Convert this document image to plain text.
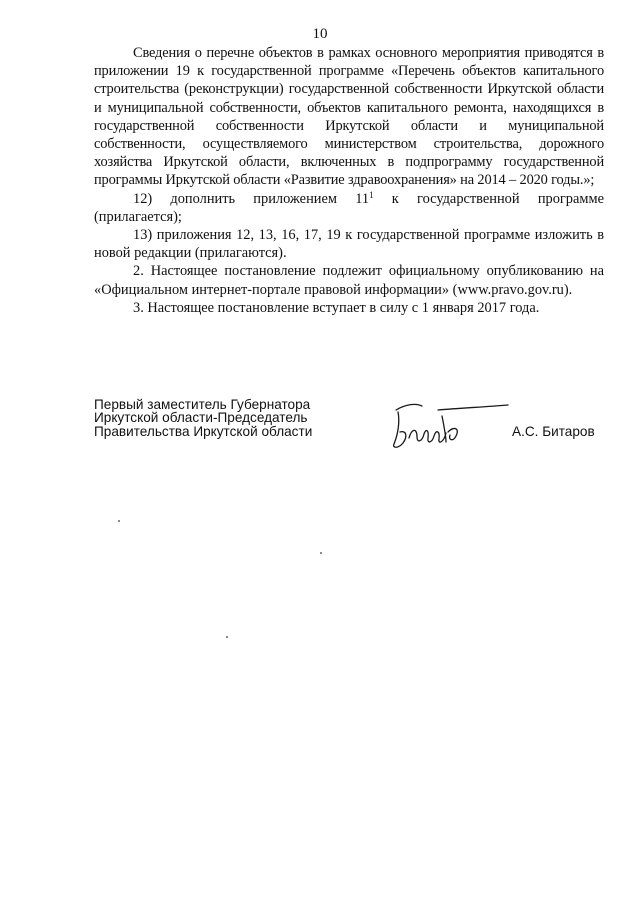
10

Сведения о перечне объектов в рамках основного мероприятия приводятся в приложении 19 к государственной программе «Перечень объектов капитального строительства (реконструкции) государственной собственности Иркутской области и муниципальной собственности, объектов капитального ремонта, находящихся в государственной собственности Иркутской области и муниципальной собственности, осуществляемого министерством строительства, дорожного хозяйства Иркутской области, включенных в подпрограмму государственной программы Иркутской области «Развитие здравоохранения» на 2014 – 2020 годы.»;

12) дополнить приложением $11^1$ к государственной программе (прилагается);

13) приложения 12, 13, 16, 17, 19 к государственной программе изложить в новой редакции (прилагаются).

2. Настоящее постановление подлежит официальному опубликованию на «Официальном интернет-портале правовой информации» (www.pravo.gov.ru).

3. Настоящее постановление вступает в силу с 1 января 2017 года.

Первый заместитель Губернатора
Иркутской области-Председатель
Правительства Иркутской области	А.С. Битаров
